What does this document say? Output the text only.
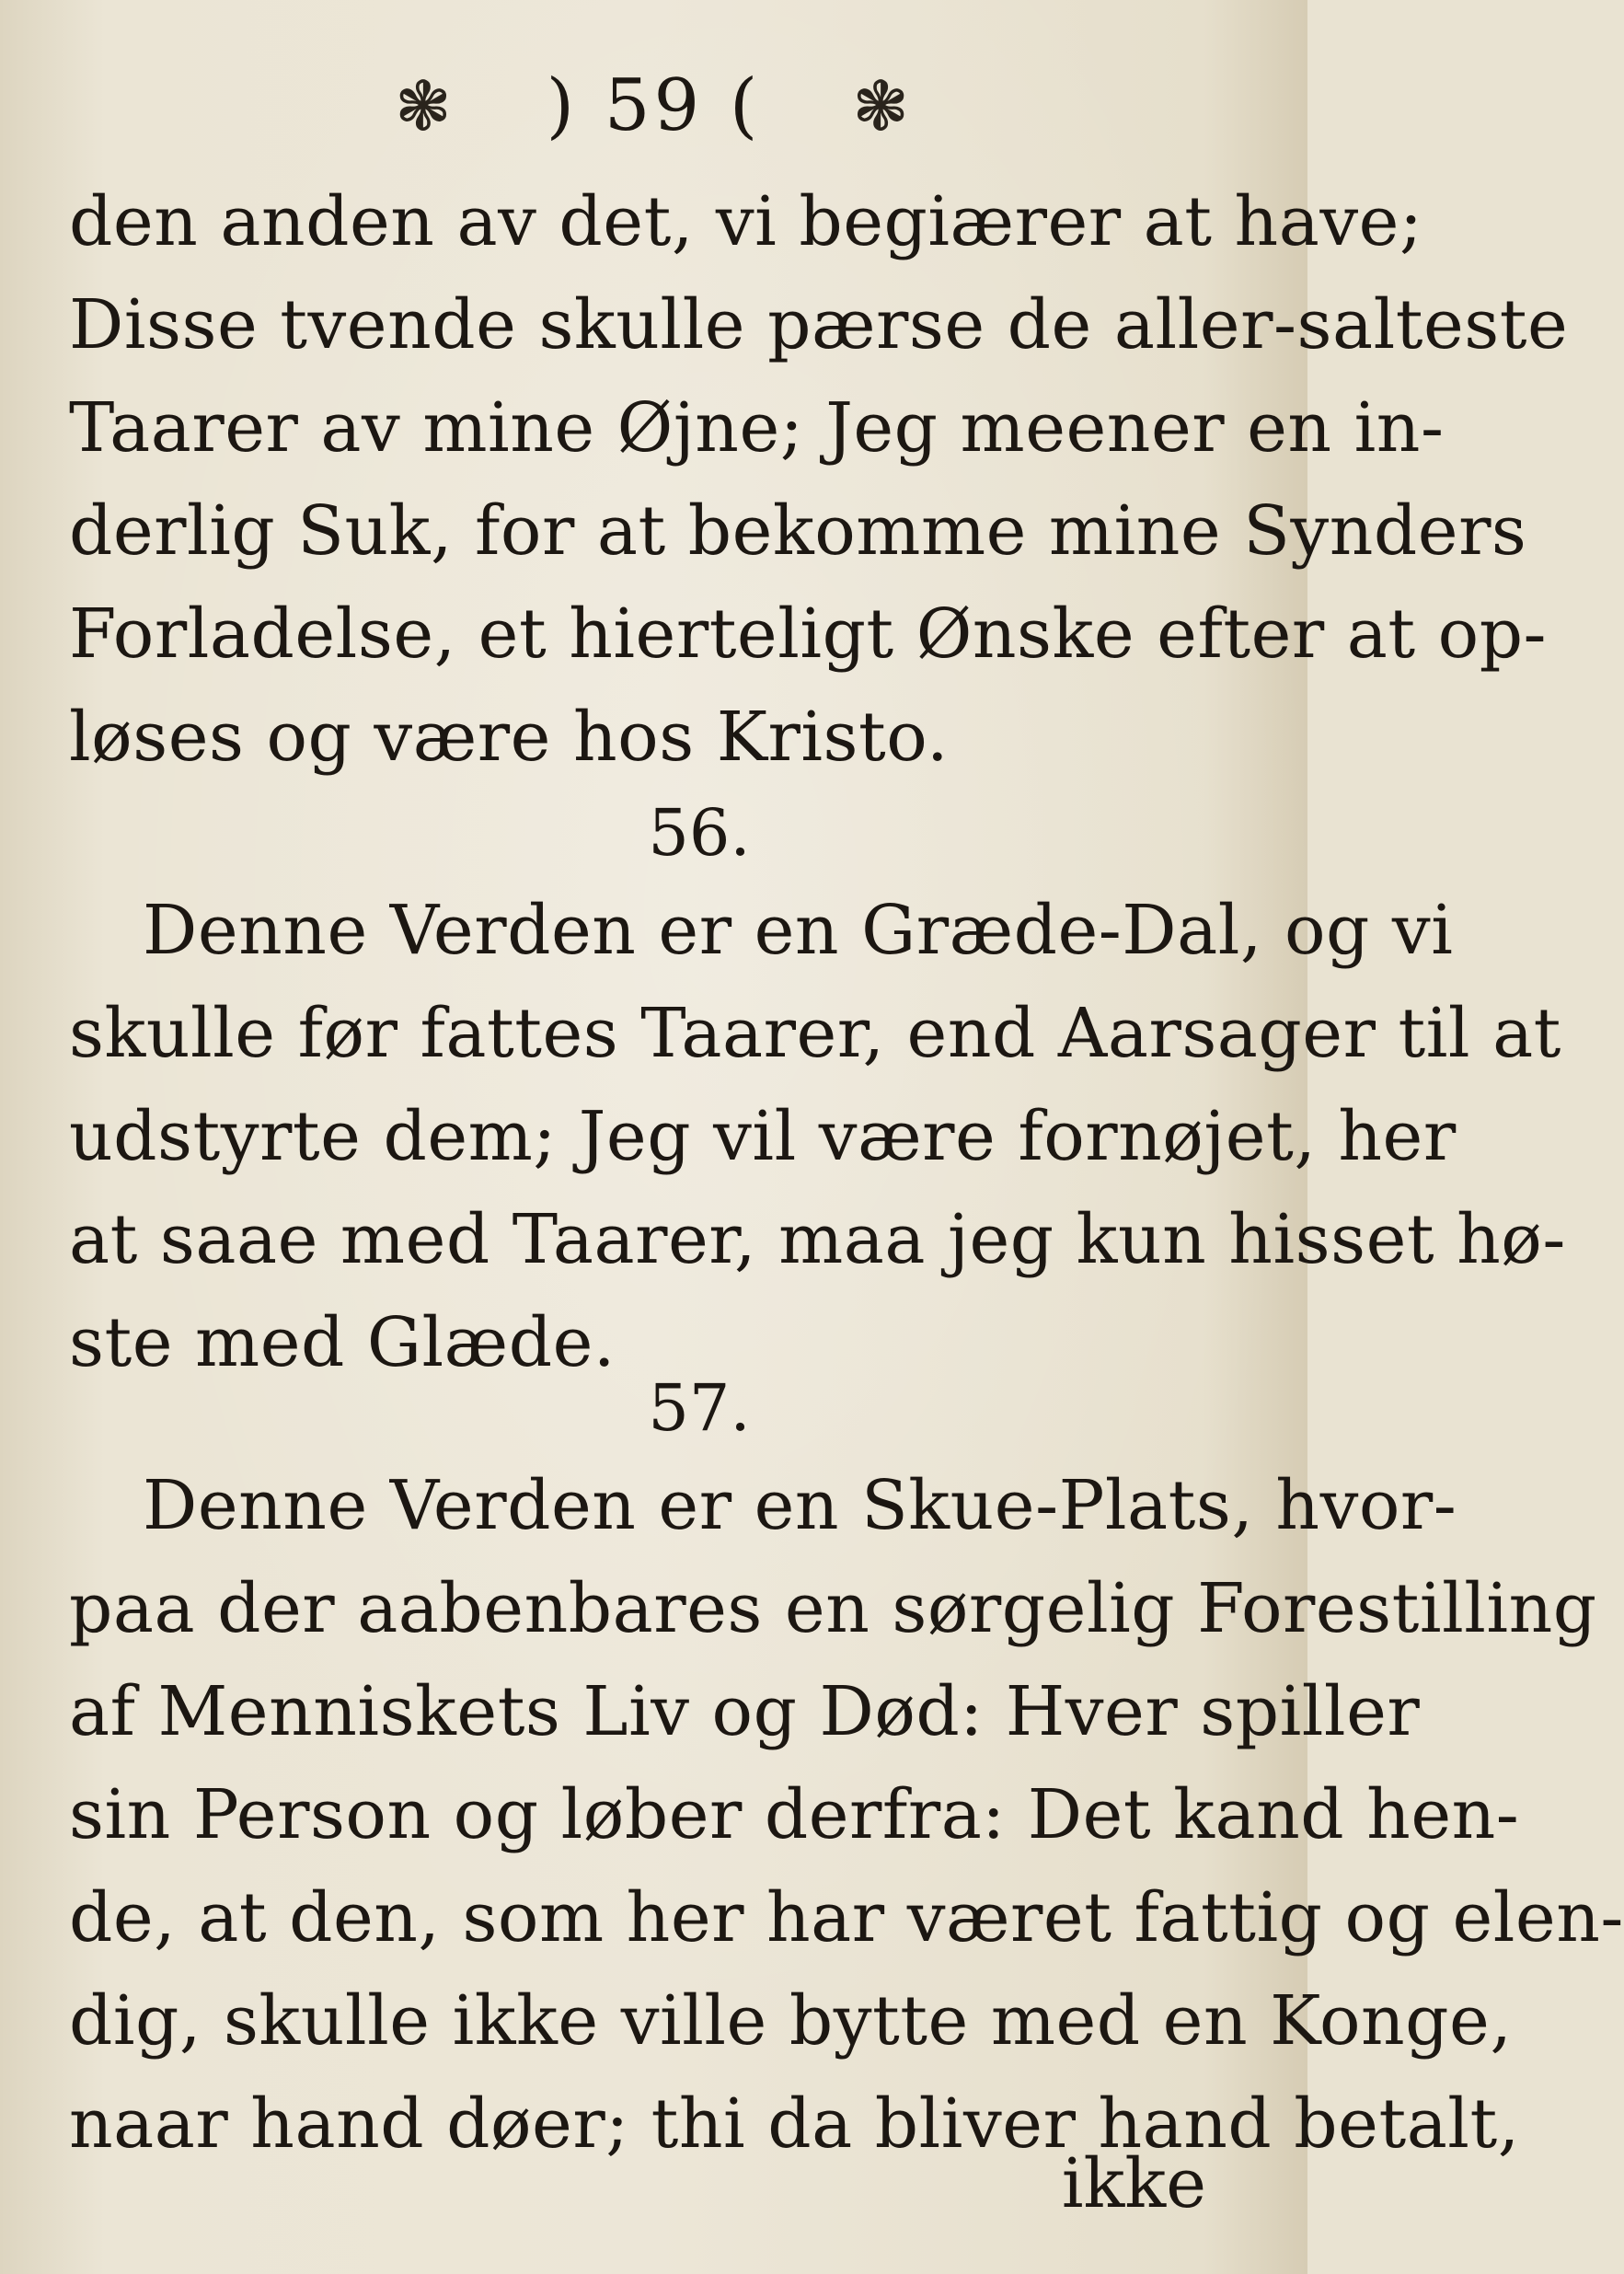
❃ ) 59 ( ❃
den anden av det, vi begiærer at have;
Disse tvende skulle pærse de aller-salteste
Taarer av mine Øjne; Jeg meener en in-
derlig Suk, for at bekomme mine Synders
Forladelse, et hierteligt Ønske efter at op-
løses og være hos Kristo.
56.
Denne Verden er en Græde-Dal, og vi
skulle før fattes Taarer, end Aarsager til at
udstyrte dem; Jeg vil være fornøjet, her
at saae med Taarer, maa jeg kun hisset hø-
ste med Glæde.
57.
Denne Verden er en Skue-Plats, hvor-
paa der aabenbares en sørgelig Forestilling
af Menniskets Liv og Død: Hver spiller
sin Person og løber derfra: Det kand hen-
de, at den, som her har været fattig og elen-
dig, skulle ikke ville bytte med en Konge,
naar hand døer; thi da bliver hand betalt,
ikke
